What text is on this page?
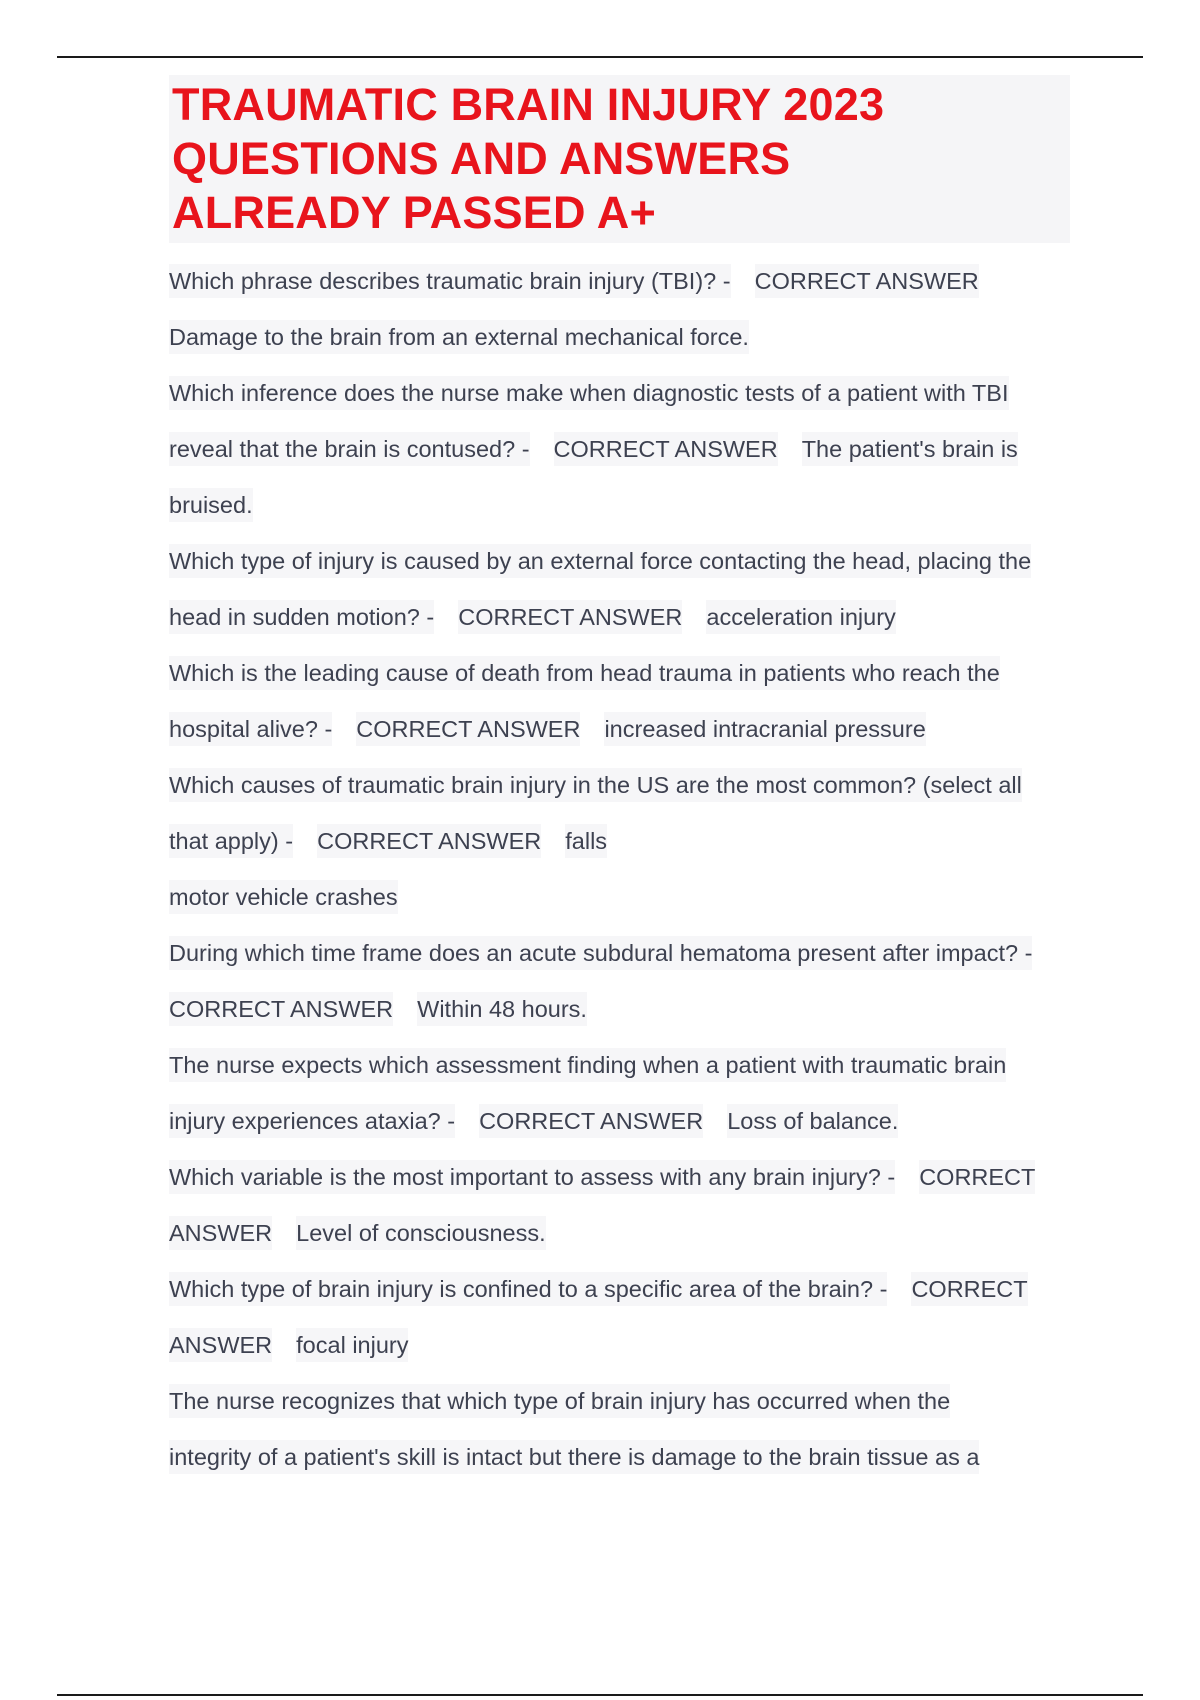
TRAUMATIC BRAIN INJURY 2023
QUESTIONS AND ANSWERS
ALREADY PASSED A+
Which phrase describes traumatic brain injury (TBI)? - CORRECT ANSWER
Damage to the brain from an external mechanical force.
Which inference does the nurse make when diagnostic tests of a patient with TBI
reveal that the brain is contused? - CORRECT ANSWER The patient's brain is
bruised.
Which type of injury is caused by an external force contacting the head, placing the
head in sudden motion? - CORRECT ANSWER acceleration injury
Which is the leading cause of death from head trauma in patients who reach the
hospital alive? - CORRECT ANSWER increased intracranial pressure
Which causes of traumatic brain injury in the US are the most common? (select all
that apply) - CORRECT ANSWER falls
motor vehicle crashes
During which time frame does an acute subdural hematoma present after impact? -
CORRECT ANSWER Within 48 hours.
The nurse expects which assessment finding when a patient with traumatic brain
injury experiences ataxia? - CORRECT ANSWER Loss of balance.
Which variable is the most important to assess with any brain injury? - CORRECT
ANSWER Level of consciousness.
Which type of brain injury is confined to a specific area of the brain? - CORRECT
ANSWER focal injury
The nurse recognizes that which type of brain injury has occurred when the
integrity of a patient's skill is intact but there is damage to the brain tissue as a
